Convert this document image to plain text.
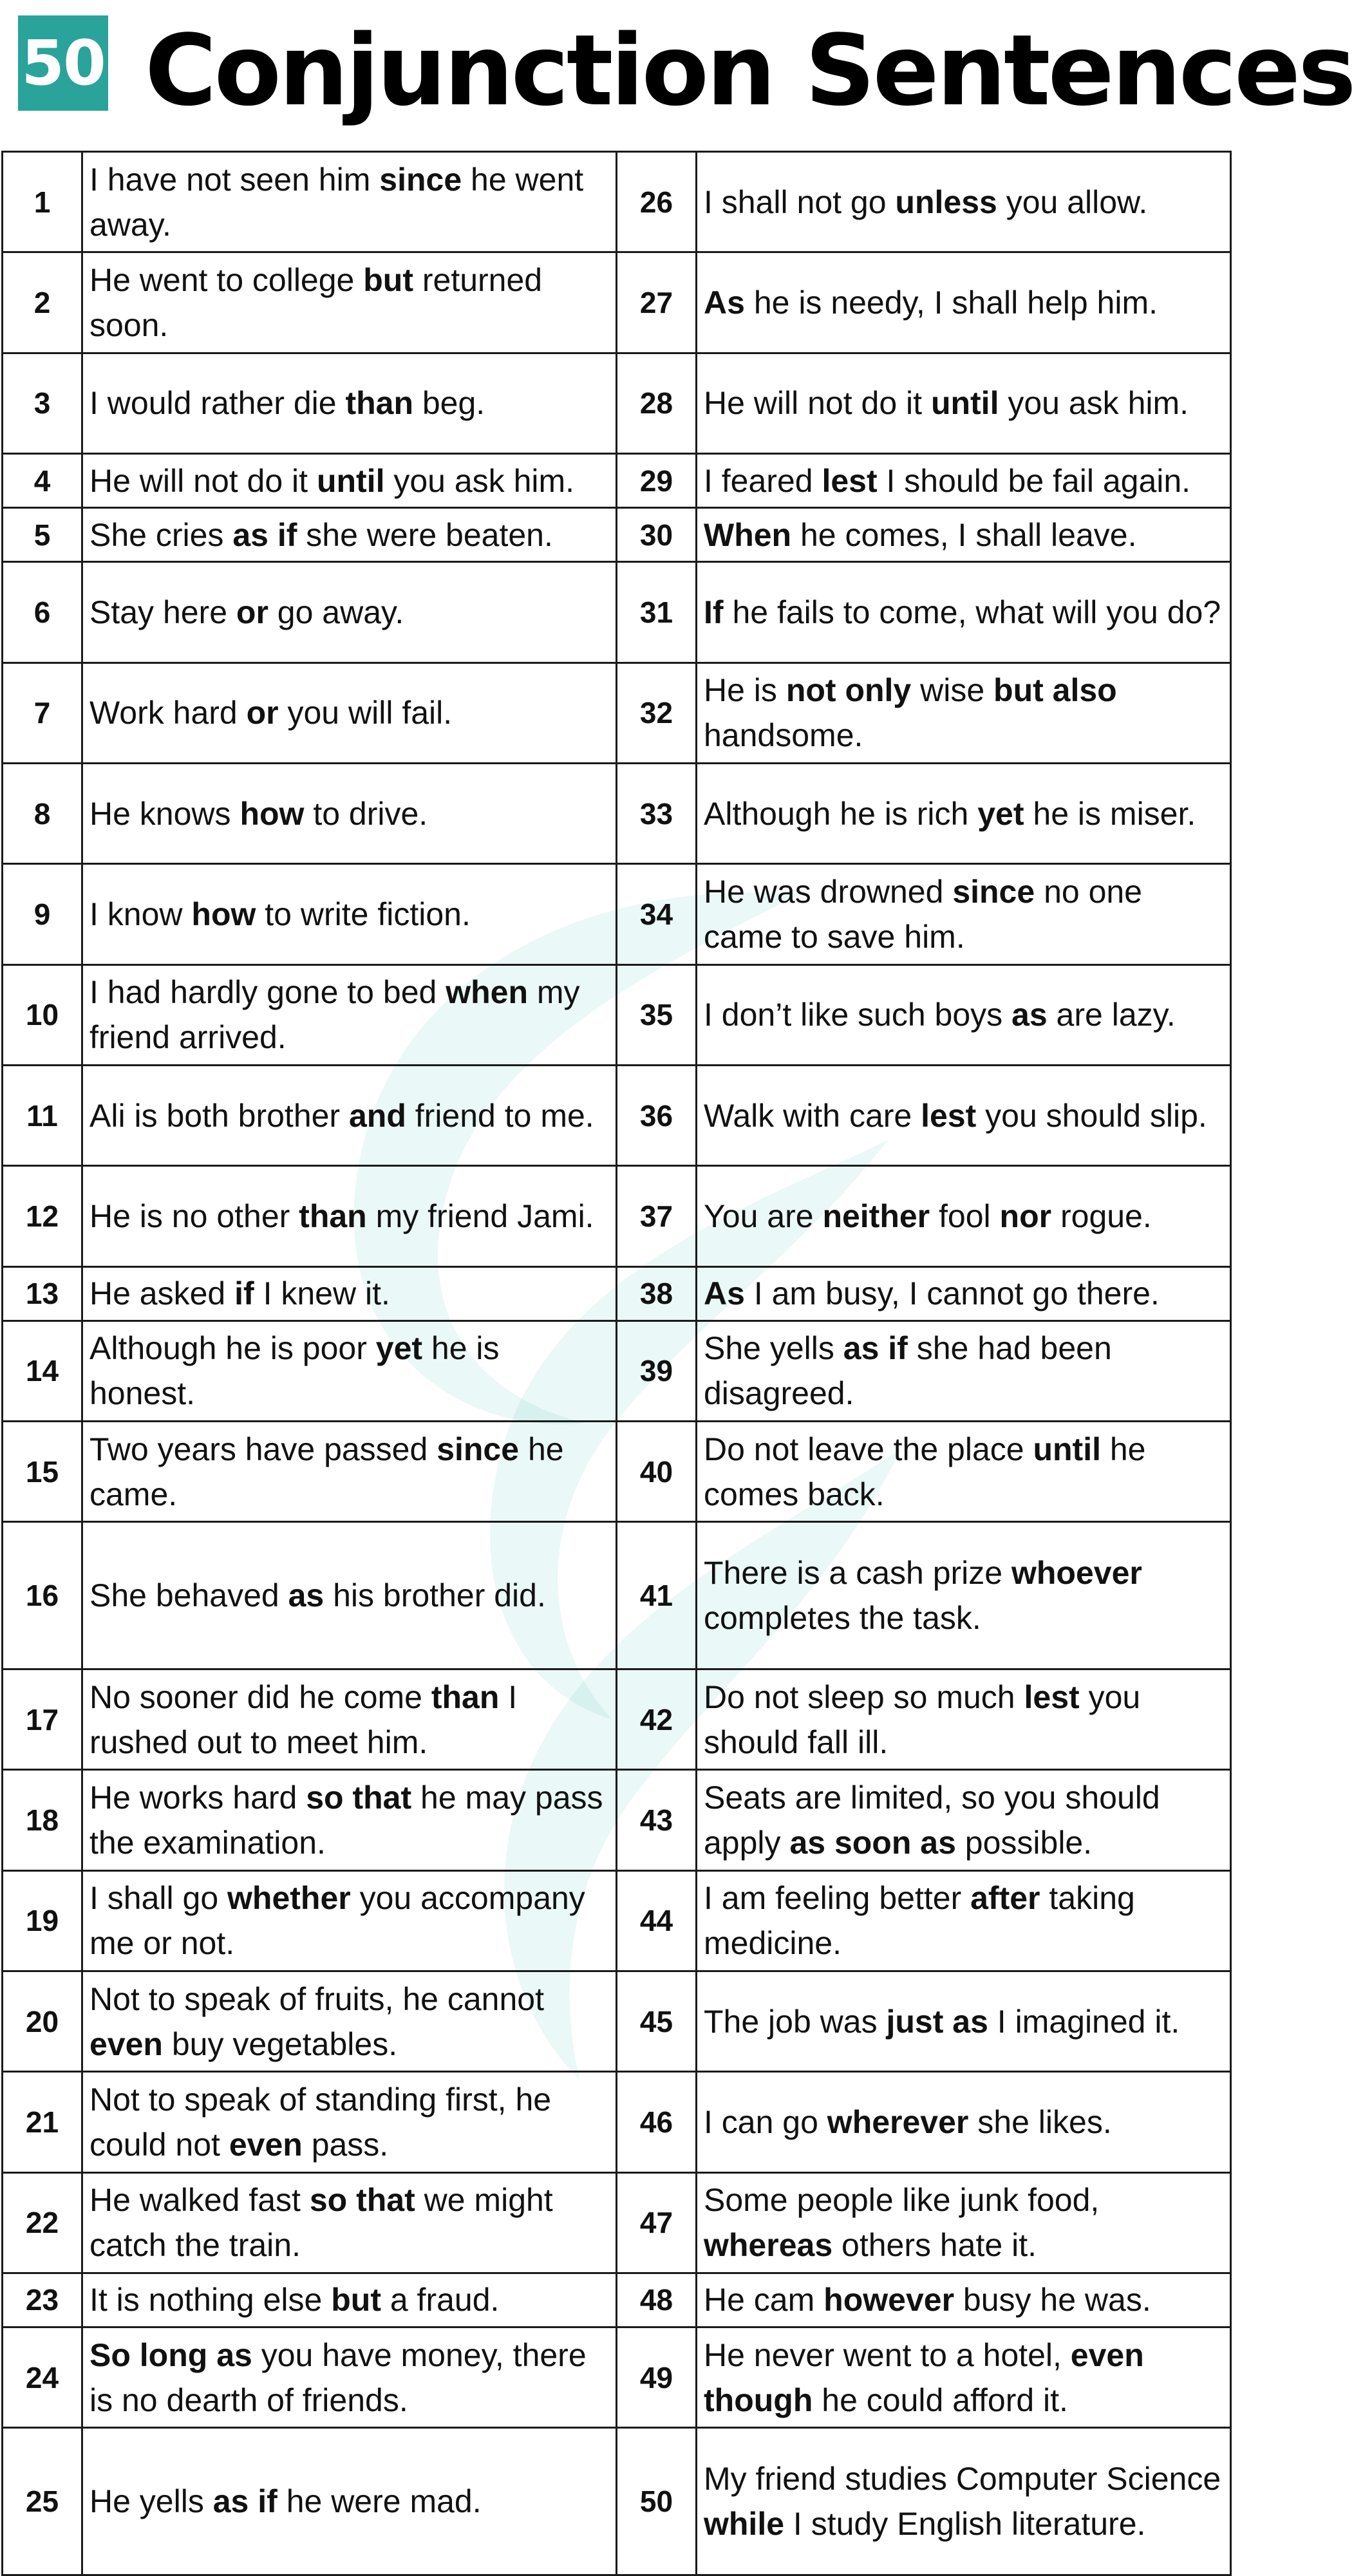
50 Conjunction Sentences
1	I have not seen him since he went away.	26	I shall not go unless you allow.
2	He went to college but returned soon.	27	As he is needy, I shall help him.
3	I would rather die than beg.	28	He will not do it until you ask him.
4	He will not do it until you ask him.	29	I feared lest I should be fail again.
5	She cries as if she were beaten.	30	When he comes, I shall leave.
6	Stay here or go away.	31	If he fails to come, what will you do?
7	Work hard or you will fail.	32	He is not only wise but also handsome.
8	He knows how to drive.	33	Although he is rich yet he is miser.
9	I know how to write fiction.	34	He was drowned since no one came to save him.
10	I had hardly gone to bed when my friend arrived.	35	I don’t like such boys as are lazy.
11	Ali is both brother and friend to me.	36	Walk with care lest you should slip.
12	He is no other than my friend Jami.	37	You are neither fool nor rogue.
13	He asked if I knew it.	38	As I am busy, I cannot go there.
14	Although he is poor yet he is honest.	39	She yells as if she had been disagreed.
15	Two years have passed since he came.	40	Do not leave the place until he comes back.
16	She behaved as his brother did.	41	There is a cash prize whoever completes the task.
17	No sooner did he come than I rushed out to meet him.	42	Do not sleep so much lest you should fall ill.
18	He works hard so that he may pass the examination.	43	Seats are limited, so you should apply as soon as possible.
19	I shall go whether you accompany me or not.	44	I am feeling better after taking medicine.
20	Not to speak of fruits, he cannot even buy vegetables.	45	The job was just as I imagined it.
21	Not to speak of standing first, he could not even pass.	46	I can go wherever she likes.
22	He walked fast so that we might catch the train.	47	Some people like junk food, whereas others hate it.
23	It is nothing else but a fraud.	48	He cam however busy he was.
24	So long as you have money, there is no dearth of friends.	49	He never went to a hotel, even though he could afford it.
25	He yells as if he were mad.	50	My friend studies Computer Science while I study English literature.
